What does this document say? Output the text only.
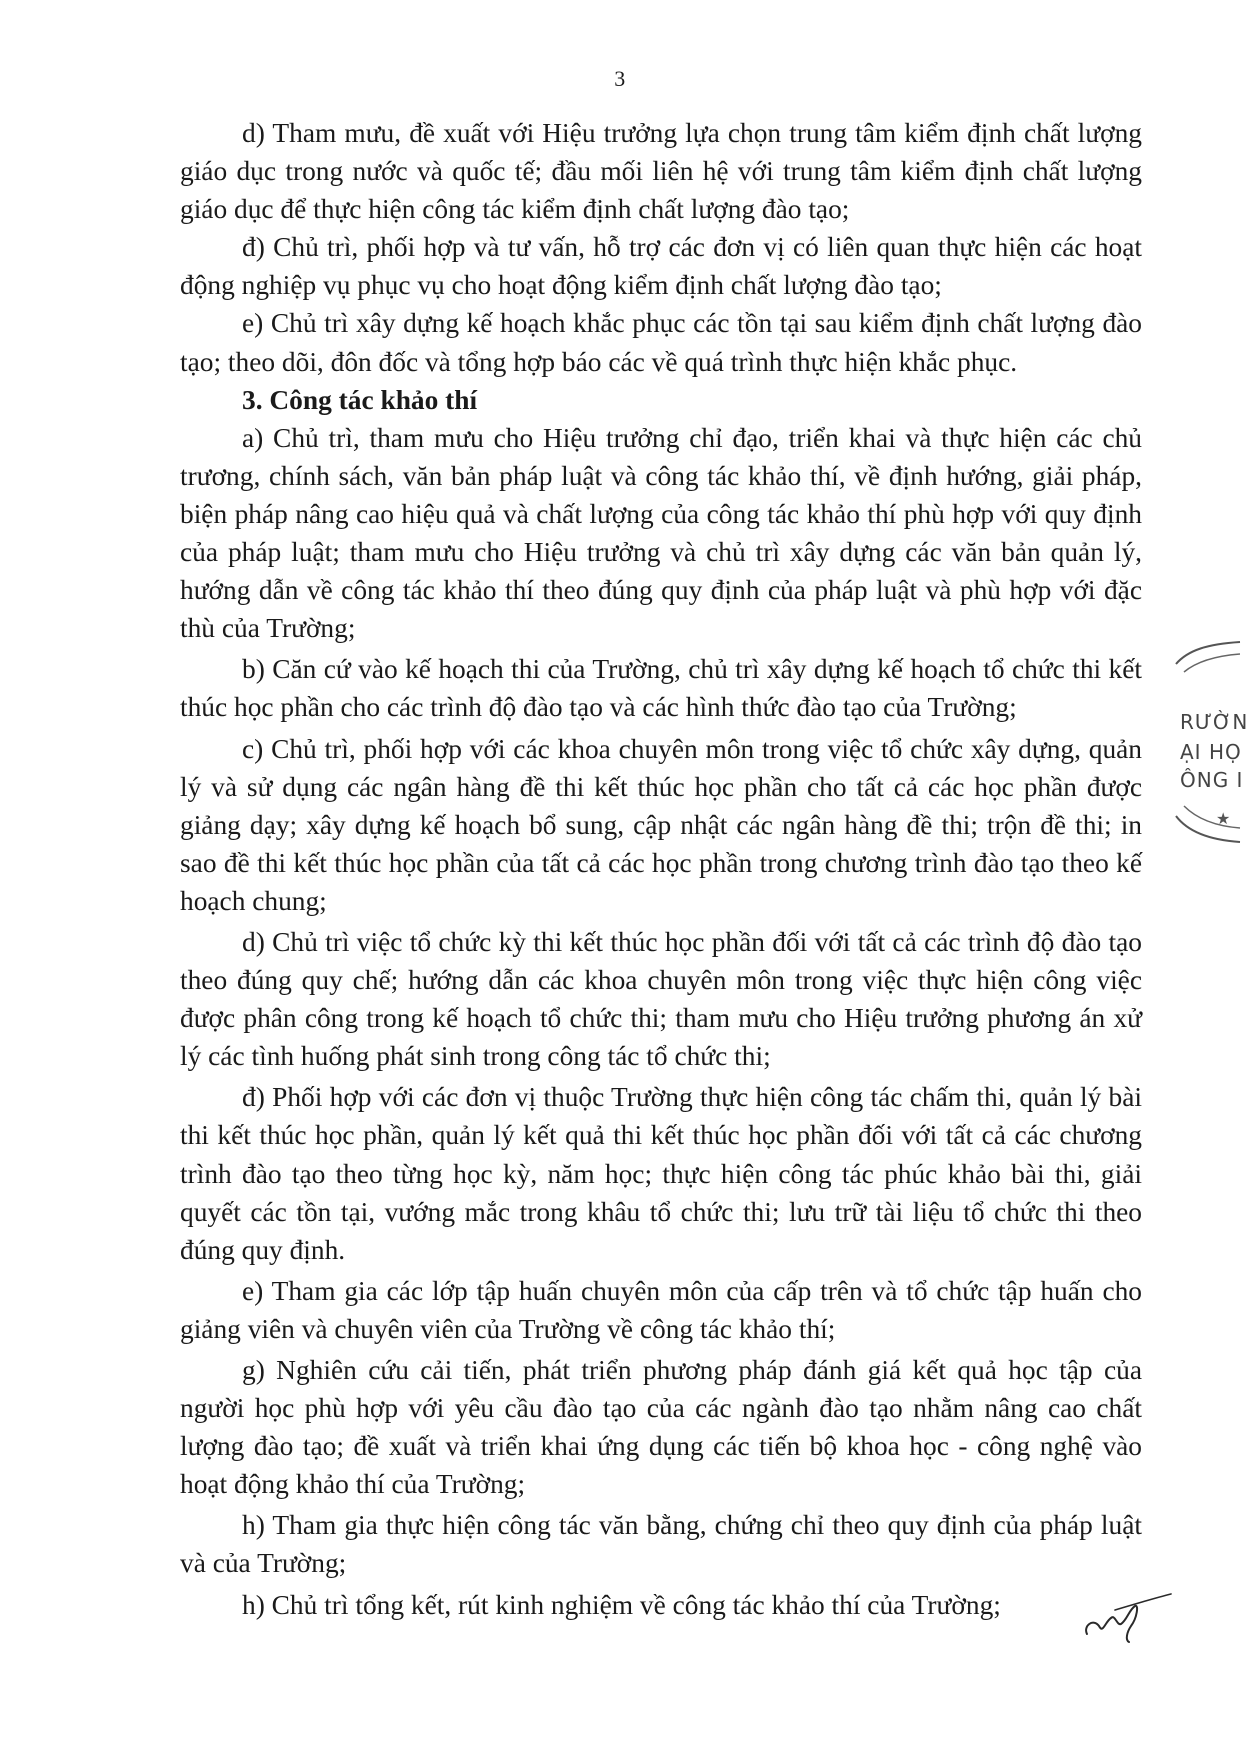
3

d) Tham mưu, đề xuất với Hiệu trưởng lựa chọn trung tâm kiểm định chất lượng giáo dục trong nước và quốc tế; đầu mối liên hệ với trung tâm kiểm định chất lượng giáo dục để thực hiện công tác kiểm định chất lượng đào tạo;

đ) Chủ trì, phối hợp và tư vấn, hỗ trợ các đơn vị có liên quan thực hiện các hoạt động nghiệp vụ phục vụ cho hoạt động kiểm định chất lượng đào tạo;

e) Chủ trì xây dựng kế hoạch khắc phục các tồn tại sau kiểm định chất lượng đào tạo; theo dõi, đôn đốc và tổng hợp báo các về quá trình thực hiện khắc phục.

3. Công tác khảo thí

a) Chủ trì, tham mưu cho Hiệu trưởng chỉ đạo, triển khai và thực hiện các chủ trương, chính sách, văn bản pháp luật và công tác khảo thí, về định hướng, giải pháp, biện pháp nâng cao hiệu quả và chất lượng của công tác khảo thí phù hợp với quy định của pháp luật; tham mưu cho Hiệu trưởng và chủ trì xây dựng các văn bản quản lý, hướng dẫn về công tác khảo thí theo đúng quy định của pháp luật và phù hợp với đặc thù của Trường;

b) Căn cứ vào kế hoạch thi của Trường, chủ trì xây dựng kế hoạch tổ chức thi kết thúc học phần cho các trình độ đào tạo và các hình thức đào tạo của Trường;

c) Chủ trì, phối hợp với các khoa chuyên môn trong việc tổ chức xây dựng, quản lý và sử dụng các ngân hàng đề thi kết thúc học phần cho tất cả các học phần được giảng dạy; xây dựng kế hoạch bổ sung, cập nhật các ngân hàng đề thi; trộn đề thi; in sao đề thi kết thúc học phần của tất cả các học phần trong chương trình đào tạo theo kế hoạch chung;

d) Chủ trì việc tổ chức kỳ thi kết thúc học phần đối với tất cả các trình độ đào tạo theo đúng quy chế; hướng dẫn các khoa chuyên môn trong việc thực hiện công việc được phân công trong kế hoạch tổ chức thi; tham mưu cho Hiệu trưởng phương án xử lý các tình huống phát sinh trong công tác tổ chức thi;

đ) Phối hợp với các đơn vị thuộc Trường thực hiện công tác chấm thi, quản lý bài thi kết thúc học phần, quản lý kết quả thi kết thúc học phần đối với tất cả các chương trình đào tạo theo từng học kỳ, năm học; thực hiện công tác phúc khảo bài thi, giải quyết các tồn tại, vướng mắc trong khâu tổ chức thi; lưu trữ tài liệu tổ chức thi theo đúng quy định.

e) Tham gia các lớp tập huấn chuyên môn của cấp trên và tổ chức tập huấn cho giảng viên và chuyên viên của Trường về công tác khảo thí;

g) Nghiên cứu cải tiến, phát triển phương pháp đánh giá kết quả học tập của người học phù hợp với yêu cầu đào tạo của các ngành đào tạo nhằm nâng cao chất lượng đào tạo; đề xuất và triển khai ứng dụng các tiến bộ khoa học - công nghệ vào hoạt động khảo thí của Trường;

h) Tham gia thực hiện công tác văn bằng, chứng chỉ theo quy định của pháp luật và của Trường;

h) Chủ trì tổng kết, rút kinh nghiệm về công tác khảo thí của Trường;

★
RƯỜN
ẠI HỌ
ÔNG I
